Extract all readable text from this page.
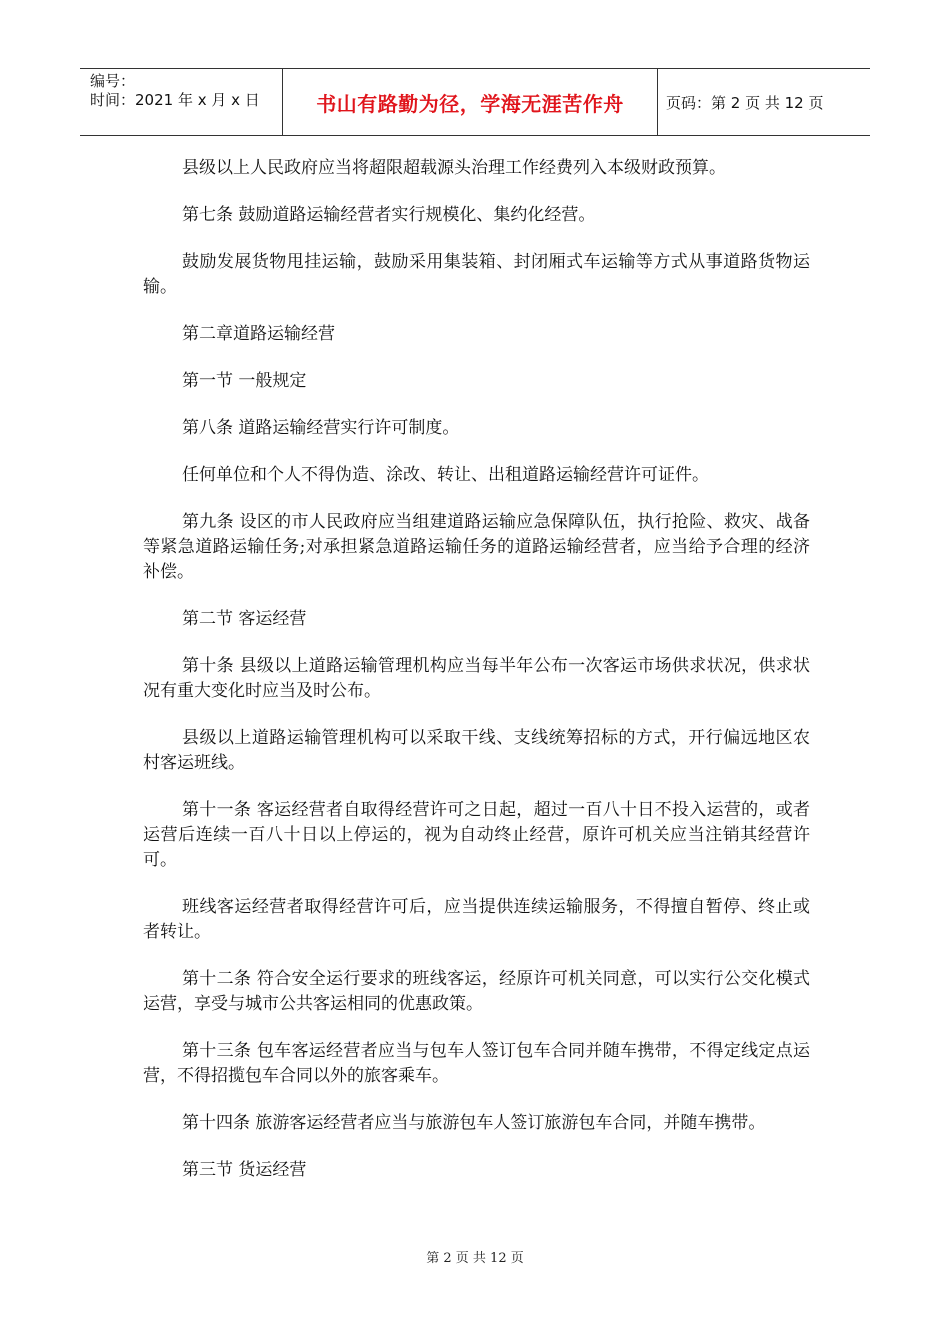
编号：
时间：2021 年 x 月 x 日	书山有路勤为径，学海无涯苦作舟	页码：第 2 页 共 12 页

县级以上人民政府应当将超限超载源头治理工作经费列入本级财政预算。

第七条 鼓励道路运输经营者实行规模化、集约化经营。

鼓励发展货物甩挂运输，鼓励采用集装箱、封闭厢式车运输等方式从事道路货物运输。

第二章道路运输经营

第一节 一般规定

第八条 道路运输经营实行许可制度。

任何单位和个人不得伪造、涂改、转让、出租道路运输经营许可证件。

第九条 设区的市人民政府应当组建道路运输应急保障队伍，执行抢险、救灾、战备等紧急道路运输任务;对承担紧急道路运输任务的道路运输经营者，应当给予合理的经济补偿。

第二节 客运经营

第十条 县级以上道路运输管理机构应当每半年公布一次客运市场供求状况，供求状况有重大变化时应当及时公布。

县级以上道路运输管理机构可以采取干线、支线统筹招标的方式，开行偏远地区农村客运班线。

第十一条 客运经营者自取得经营许可之日起，超过一百八十日不投入运营的，或者运营后连续一百八十日以上停运的，视为自动终止经营，原许可机关应当注销其经营许可。

班线客运经营者取得经营许可后，应当提供连续运输服务，不得擅自暂停、终止或者转让。

第十二条 符合安全运行要求的班线客运，经原许可机关同意，可以实行公交化模式运营，享受与城市公共客运相同的优惠政策。

第十三条 包车客运经营者应当与包车人签订包车合同并随车携带，不得定线定点运营，不得招揽包车合同以外的旅客乘车。

第十四条 旅游客运经营者应当与旅游包车人签订旅游包车合同，并随车携带。

第三节 货运经营

第 2 页 共 12 页
